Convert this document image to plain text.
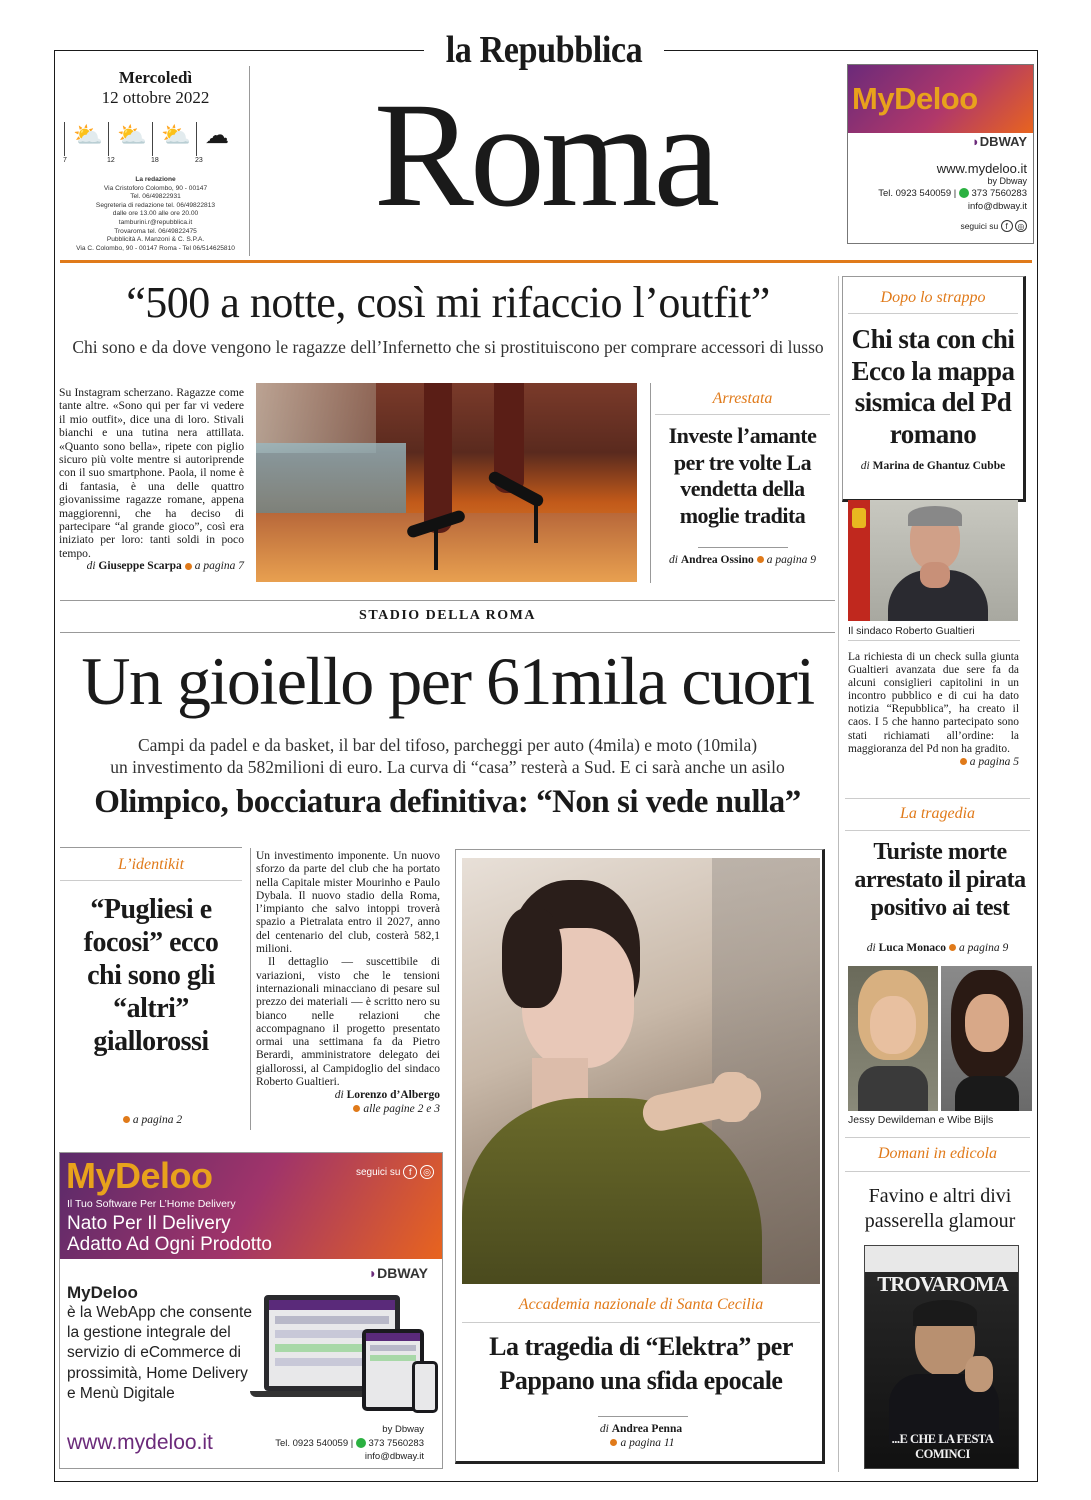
la Repubblica
Mercoledì
12 ottobre 2022
⛅
7
⛅
12
⛅
18
☁
23
La redazione
Via Cristoforo Colombo, 90 - 00147
Tel. 06/49822931
Segreteria di redazione tel. 06/49822813
dalle ore 13.00 alle ore 20.00
tamburini.r@repubblica.it
Trovaroma tel. 06/49822475
Pubblicità A. Manzoni & C. S.P.A.
Via C. Colombo, 90 - 00147 Roma - Tel 06/514625810
Roma	MyDeloo
◗DBWAY
www.mydeloo.it
by Dbway
Tel. 0923 540059 | 373 7560283
info@dbway.it
seguici su f ◎
“500 a notte, così mi rifaccio l’outfit”
Chi sono e da dove vengono le ragazze dell’Infernetto che si prostituiscono per comprare accessori di lusso
Su Instagram scherzano. Ragazze come tante altre. «Sono qui per far vi vedere il mio outfit», dice una di loro. Stivali bianchi e una tutina nera attillata. «Quanto sono bella», ripete con piglio sicuro più volte mentre si autoriprende con il suo smartphone. Paola, il nome è di fantasia, è una delle quattro giovanissime ragazze romane, appena maggiorenni, che ha deciso di partecipare “al grande gioco”, così era iniziato per loro: tanti soldi in poco tempo.
di Giuseppe Scarpa a pagina 7
Arrestata
Investe l’amante per tre volte La vendetta della moglie tradita
di Andrea Ossino a pagina 9
Dopo lo strappo
Chi sta con chi Ecco la mappa sismica del Pd romano
di Marina de Ghantuz Cubbe
Il sindaco Roberto Gualtieri
La richiesta di un check sulla giunta Gualtieri avanzata due sere fa da alcuni consiglieri capitolini in un incontro pubblico e di cui ha dato notizia “Repubblica”, ha creato il caos. I 5 che hanno partecipato sono stati richiamati all’ordine: la maggioranza del Pd non ha gradito.
a pagina 5
La tragedia
Turiste morte arrestato il pirata positivo ai test
di Luca Monaco a pagina 9
Jessy Dewildeman e Wibe Bijls
Domani in edicola
Favino e altri divi passerella glamour
TROVAROMA
...E CHE LA FESTA COMINCI
STADIO DELLA ROMA
Un gioiello per 61mila cuori
Campi da padel e da basket, il bar del tifoso, parcheggi per auto (4mila) e moto (10mila)
un investimento da 582milioni di euro. La curva di “casa” resterà a Sud. E ci sarà anche un asilo
Olimpico, bocciatura definitiva: “Non si vede nulla”
L’identikit
“Pugliesi e focosi” ecco chi sono gli “altri” giallorossi
a pagina 2
Un investimento imponente. Un nuovo sforzo da parte del club che ha portato nella Capitale mister Mourinho e Paulo Dybala. Il nuovo stadio della Roma, l’impianto che salvo intoppi troverà spazio a Pietralata entro il 2027, anno del centenario del club, costerà 582,1 milioni.
Il dettaglio — suscettibile di variazioni, visto che le tensioni internazionali minacciano di pesare sul prezzo dei materiali — è scritto nero su bianco nelle relazioni che accompagnano il progetto presentato ormai una settimana fa da Pietro Berardi, amministratore delegato dei giallorossi, al Campidoglio del sindaco Roberto Gualtieri.
di Lorenzo d’Albergo
alle pagine 2 e 3
Accademia nazionale di Santa Cecilia
La tragedia di “Elektra” per Pappano una sfida epocale
di Andrea Penna
a pagina 11
MyDeloo	seguici su f ◎
Il Tuo Software Per L’Home Delivery
Nato Per Il Delivery
Adatto Ad Ogni Prodotto
◗DBWAY
MyDeloo
è la WebApp che consente la gestione integrale del servizio di eCommerce di prossimità, Home Delivery e Menù Digitale
www.mydeloo.it
by Dbway
Tel. 0923 540059 | 373 7560283
info@dbway.it
